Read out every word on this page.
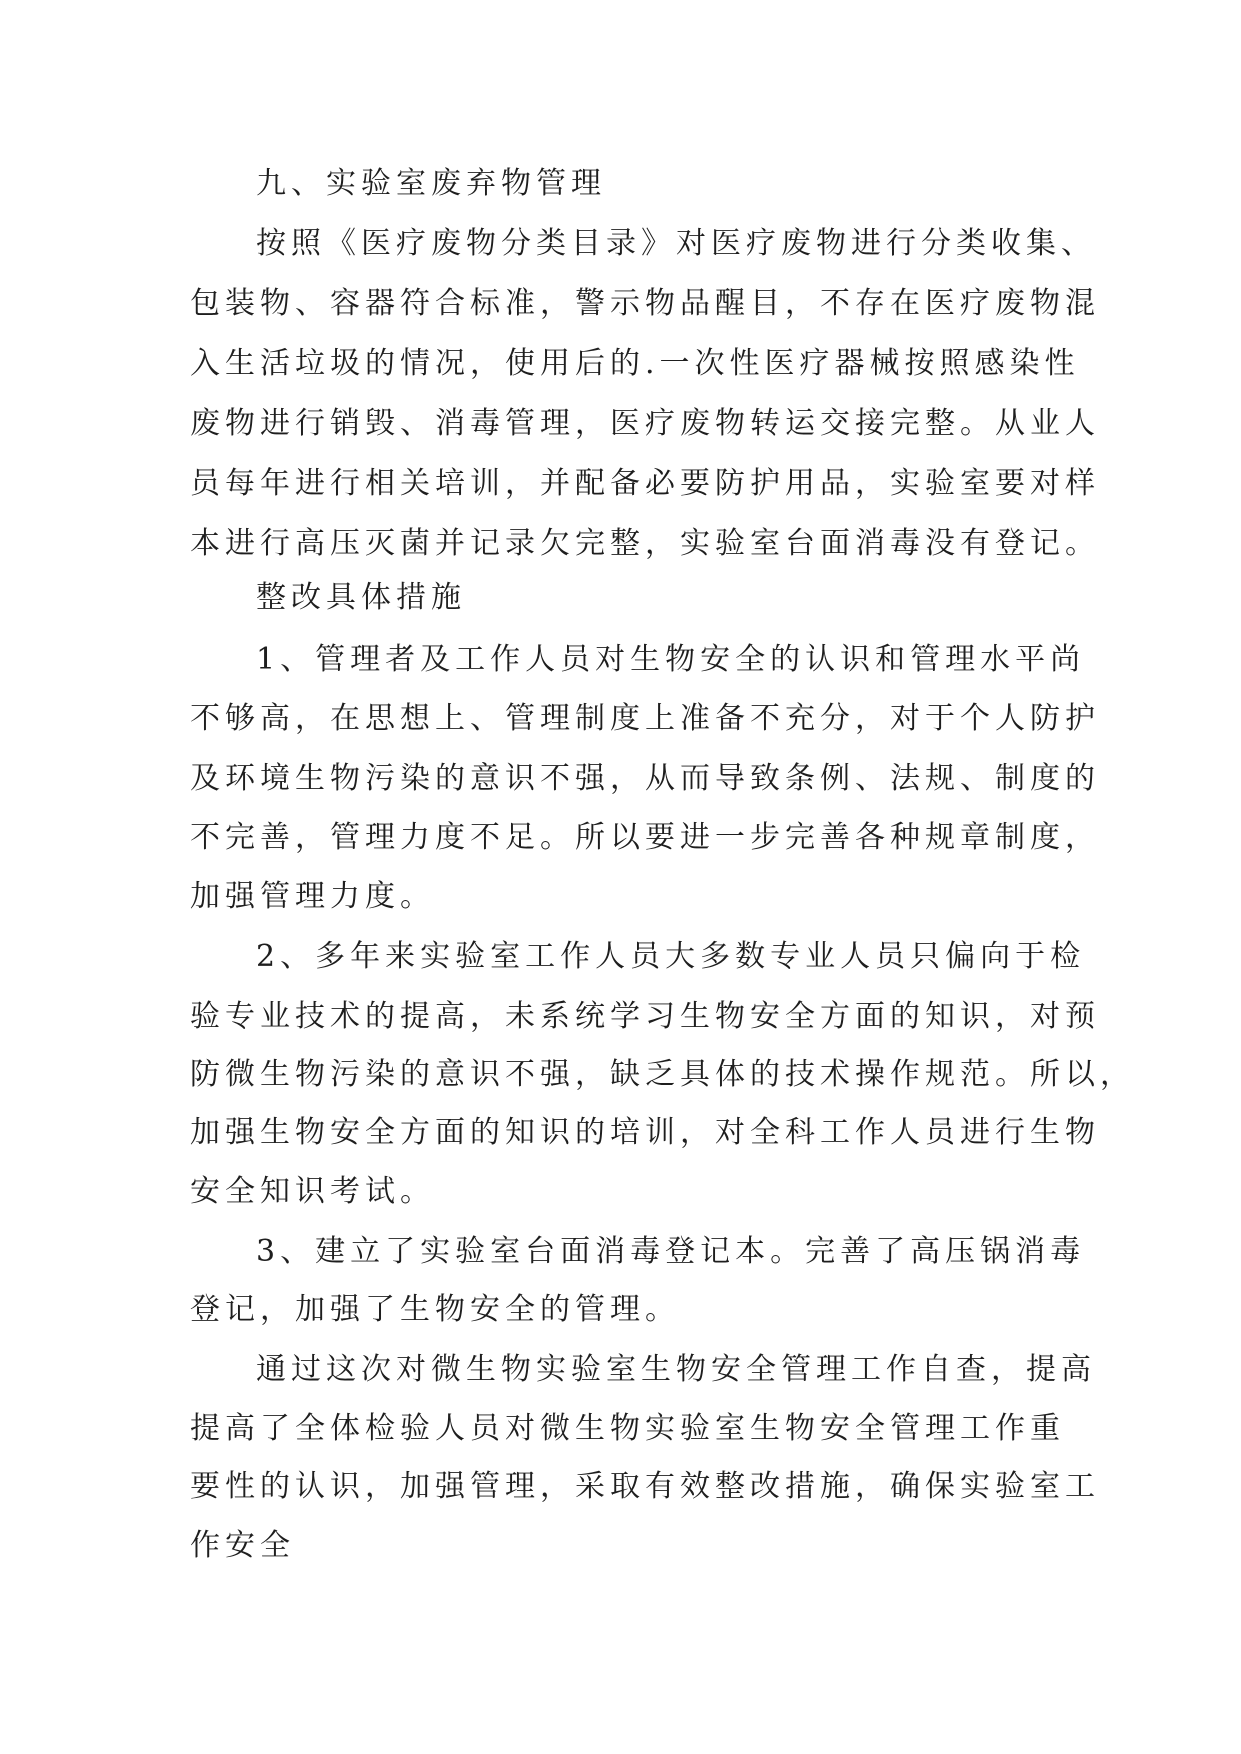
九、实验室废弃物管理
按照《医疗废物分类目录》对医疗废物进行分类收集、
包装物、容器符合标准，警示物品醒目，不存在医疗废物混
入生活垃圾的情况，使用后的.一次性医疗器械按照感染性
废物进行销毁、消毒管理，医疗废物转运交接完整。从业人
员每年进行相关培训，并配备必要防护用品，实验室要对样
本进行高压灭菌并记录欠完整，实验室台面消毒没有登记。
整改具体措施
1、管理者及工作人员对生物安全的认识和管理水平尚
不够高，在思想上、管理制度上准备不充分，对于个人防护
及环境生物污染的意识不强，从而导致条例、法规、制度的
不完善，管理力度不足。所以要进一步完善各种规章制度，
加强管理力度。
2、多年来实验室工作人员大多数专业人员只偏向于检
验专业技术的提高，未系统学习生物安全方面的知识，对预
防微生物污染的意识不强，缺乏具体的技术操作规范。所以，
加强生物安全方面的知识的培训，对全科工作人员进行生物
安全知识考试。
3、建立了实验室台面消毒登记本。完善了高压锅消毒
登记，加强了生物安全的管理。
通过这次对微生物实验室生物安全管理工作自查，提高
提高了全体检验人员对微生物实验室生物安全管理工作重
要性的认识，加强管理，采取有效整改措施，确保实验室工
作安全
